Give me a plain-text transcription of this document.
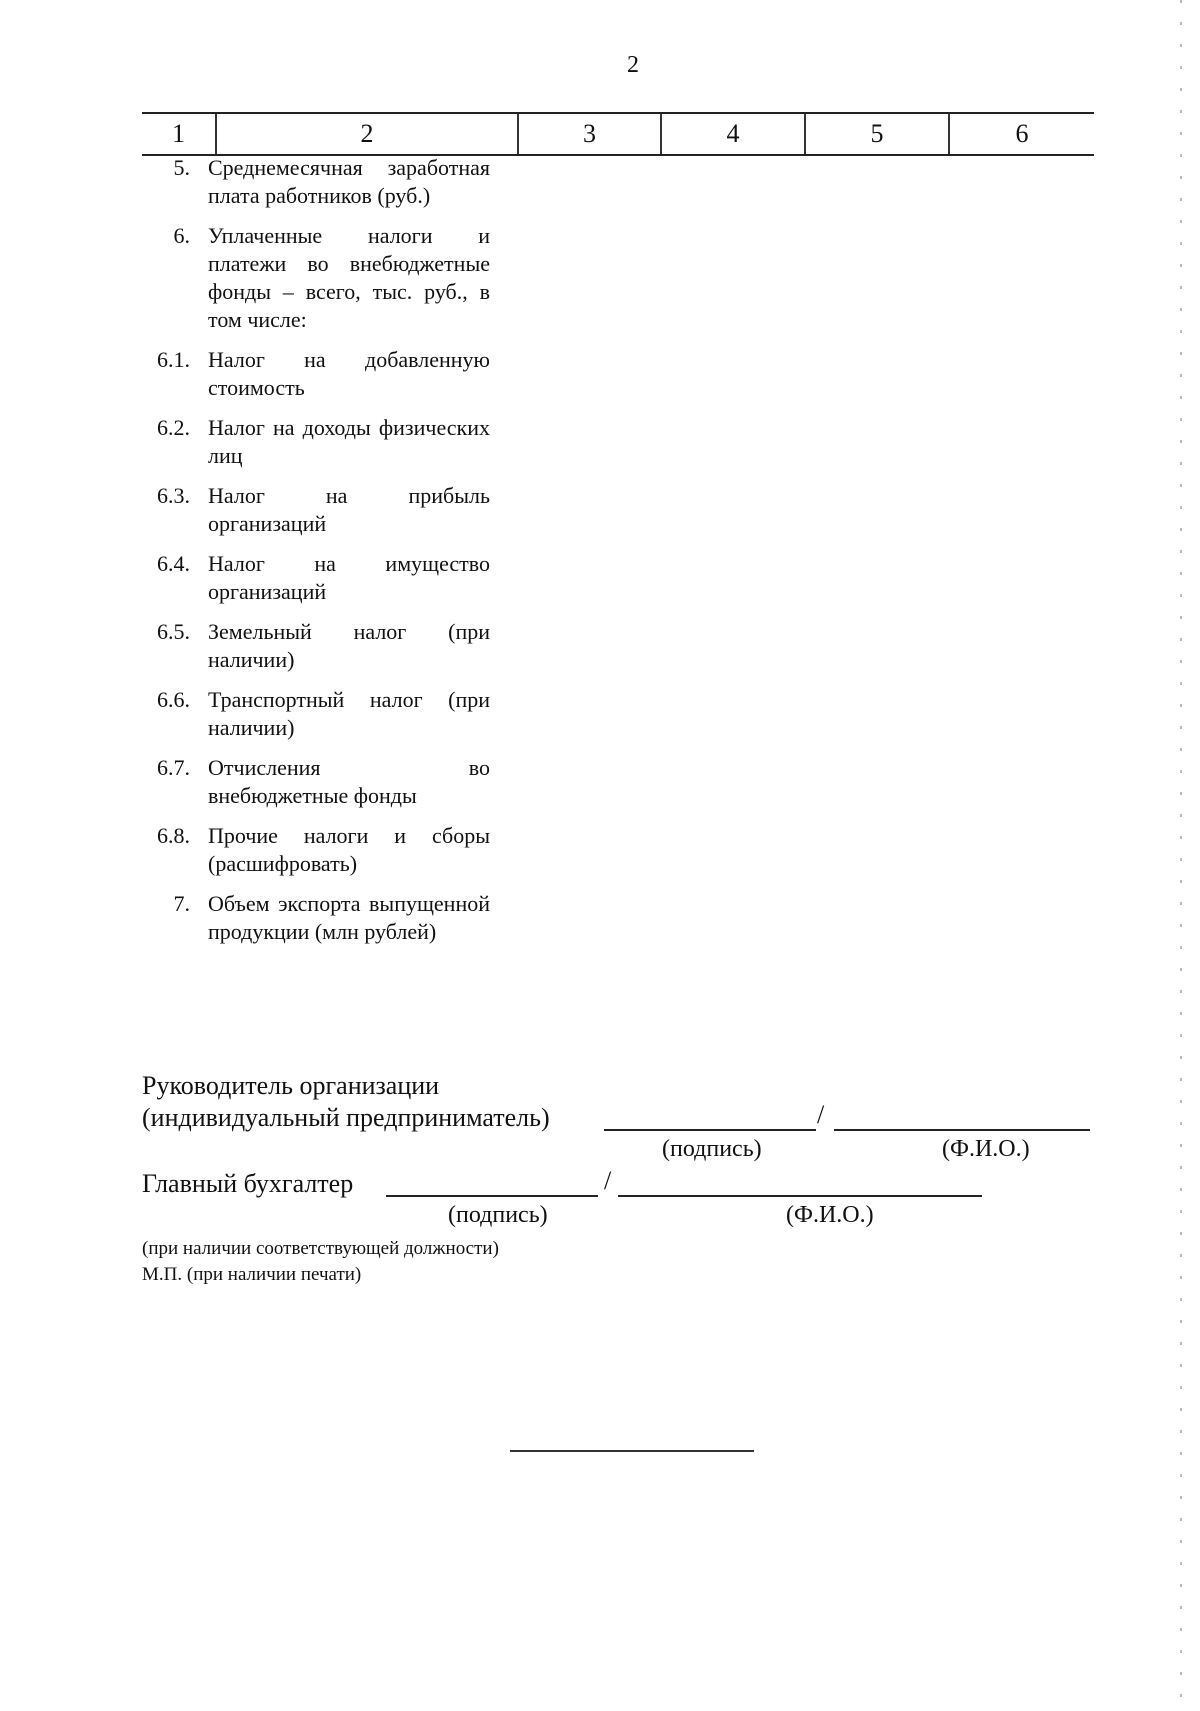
2
1	2	3	4	5	6
5. Среднемесячная заработная плата работников (руб.)
6. Уплаченные налоги и платежи во внебюджетные фонды – всего, тыс. руб., в том числе:
6.1. Налог на добавленную стоимость
6.2. Налог на доходы физических лиц
6.3. Налог на прибыль организаций
6.4. Налог на имущество организаций
6.5. Земельный налог (при наличии)
6.6. Транспортный налог (при наличии)
6.7. Отчисления во внебюджетные фонды
6.8. Прочие налоги и сборы (расшифровать)
7. Объем экспорта выпущенной продукции (млн рублей)
Руководитель организации
(индивидуальный предприниматель)	/
(подпись)	(Ф.И.О.)
Главный бухгалтер	/
(подпись)	(Ф.И.О.)
(при наличии соответствующей должности)
М.П. (при наличии печати)
